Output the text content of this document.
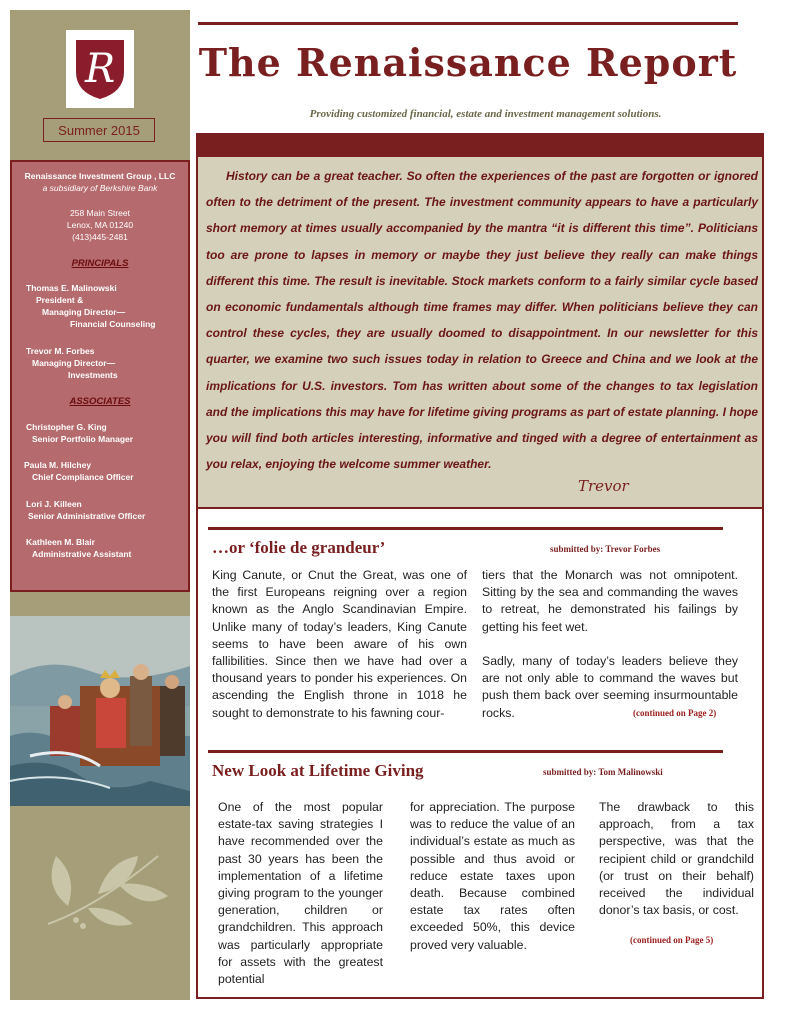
R
Summer 2015
Renaissance Investment Group , LLC
a subsidiary of Berkshire Bank
258 Main Street
Lenox, MA 01240
(413)445-2481
PRINCIPALS
Thomas E. Malinowski
President &
Managing Director—
Financial Counseling
Trevor M. Forbes
Managing Director—
Investments
ASSOCIATES
Christopher G. King
Senior Portfolio Manager
Paula M. Hilchey
Chief Compliance Officer
Lori J. Killeen
Senior Administrative Officer
Kathleen M. Blair
Administrative Assistant
The Renaissance Report
Providing customized financial, estate and investment management solutions.
History can be a great teacher. So often the experiences of the past are forgotten or ignored often to the detriment of the present. The investment community appears to have a particularly short memory at times usually accompanied by the mantra “it is different this time”. Politicians too are prone to lapses in memory or maybe they just believe they really can make things different this time. The result is inevitable. Stock markets conform to a fairly similar cycle based on economic fundamentals although time frames may differ. When politicians believe they can control these cycles, they are usually doomed to disappointment. In our newsletter for this quarter, we examine two such issues today in relation to Greece and China and we look at the implications for U.S. investors. Tom has written about some of the changes to tax legislation and the implications this may have for lifetime giving programs as part of estate planning. I hope you will find both articles interesting, informative and tinged with a degree of entertainment as you relax, enjoying the welcome summer weather.
Trevor
…or ‘folie de grandeur’	submitted by: Trevor Forbes
King Canute, or Cnut the Great, was one of the first Europeans reigning over a region known as the Anglo Scandinavian Empire. Unlike many of today’s leaders, King Canute seems to have been aware of his own fallibilities. Since then we have had over a thousand years to ponder his experiences. On ascending the English throne in 1018 he sought to demonstrate to his fawning cour-
tiers that the Monarch was not omnipotent. Sitting by the sea and commanding the waves to retreat, he demonstrated his failings by getting his feet wet.
Sadly, many of today’s leaders believe they are not only able to command the waves but push them back over seeming insurmountable rocks.	(continued on Page 2)
New Look at Lifetime Giving	submitted by: Tom Malinowski
One of the most popular estate-tax saving strategies I have recommended over the past 30 years has been the implementation of a lifetime giving program to the younger generation, children or grandchildren. This approach was particularly appropriate for assets with the greatest potential
for appreciation. The purpose was to reduce the value of an individual’s estate as much as possible and thus avoid or reduce estate taxes upon death. Because combined estate tax rates often exceeded 50%, this device proved very valuable.
The drawback to this approach, from a tax perspective, was that the recipient child or grandchild (or trust on their behalf) received the individual donor’s tax basis, or cost.
(continued on Page 5)
